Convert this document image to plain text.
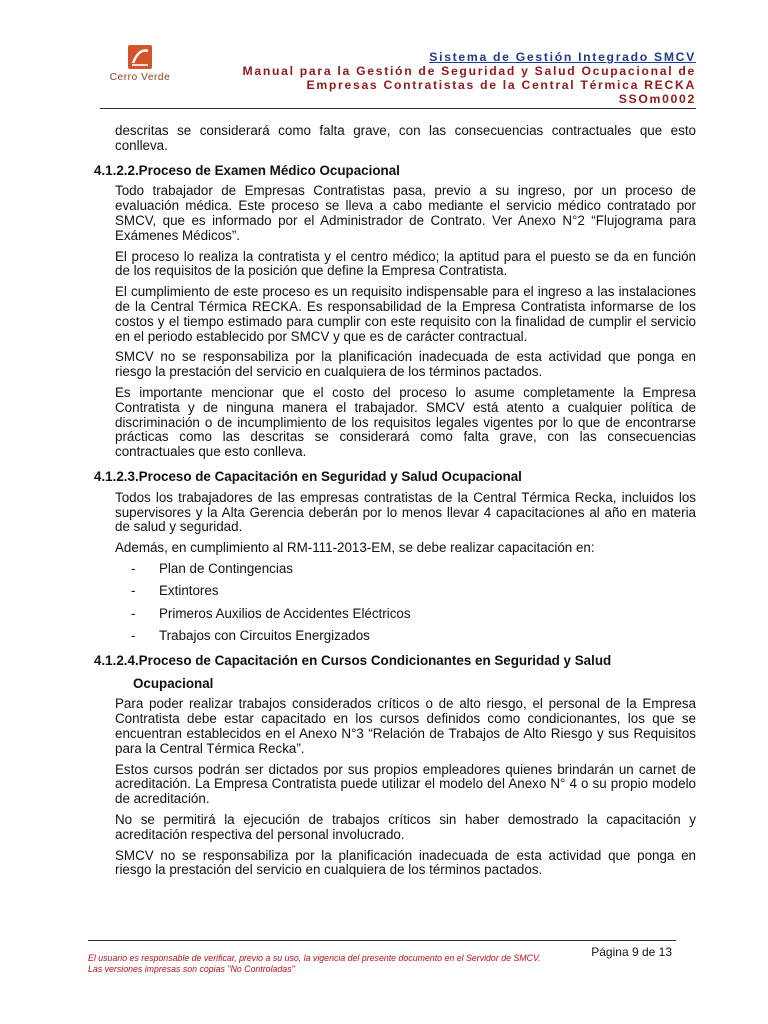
Cerro Verde
Sistema de Gestión Integrado SMCV
Manual para la Gestión de Seguridad y Salud Ocupacional de
Empresas Contratistas de la Central Térmica RECKA
SSOm0002

descritas se considerará como falta grave, con las consecuencias contractuales que esto conlleva.

4.1.2.2.Proceso de Examen Médico Ocupacional

Todo trabajador de Empresas Contratistas pasa, previo a su ingreso, por un proceso de evaluación médica. Este proceso se lleva a cabo mediante el servicio médico contratado por SMCV, que es informado por el Administrador de Contrato. Ver Anexo N°2 “Flujograma para Exámenes Médicos”.

El proceso lo realiza la contratista y el centro médico; la aptitud para el puesto se da en función de los requisitos de la posición que define la Empresa Contratista.

El cumplimiento de este proceso es un requisito indispensable para el ingreso a las instalaciones de la Central Térmica RECKA. Es responsabilidad de la Empresa Contratista informarse de los costos y el tiempo estimado para cumplir con este requisito con la finalidad de cumplir el servicio en el periodo establecido por SMCV y que es de carácter contractual.

SMCV no se responsabiliza por la planificación inadecuada de esta actividad que ponga en riesgo la prestación del servicio en cualquiera de los términos pactados.

Es importante mencionar que el costo del proceso lo asume completamente la Empresa Contratista y de ninguna manera el trabajador. SMCV está atento a cualquier política de discriminación o de incumplimiento de los requisitos legales vigentes por lo que de encontrarse prácticas como las descritas se considerará como falta grave, con las consecuencias contractuales que esto conlleva.

4.1.2.3.Proceso de Capacitación en Seguridad y Salud Ocupacional

Todos los trabajadores de las empresas contratistas de la Central Térmica Recka, incluidos los supervisores y la Alta Gerencia deberán por lo menos llevar 4 capacitaciones al año en materia de salud y seguridad.

Además, en cumplimiento al RM-111-2013-EM, se debe realizar capacitación en:

- Plan de Contingencias
- Extintores
- Primeros Auxilios de Accidentes Eléctricos
- Trabajos con Circuitos Energizados
4.1.2.4.Proceso de Capacitación en Cursos Condicionantes en Seguridad y Salud
Ocupacional

Para poder realizar trabajos considerados críticos o de alto riesgo, el personal de la Empresa Contratista debe estar capacitado en los cursos definidos como condicionantes, los que se encuentran establecidos en el Anexo N°3 “Relación de Trabajos de Alto Riesgo y sus Requisitos para la Central Térmica Recka”.

Estos cursos podrán ser dictados por sus propios empleadores quienes brindarán un carnet de acreditación. La Empresa Contratista puede utilizar el modelo del Anexo N° 4 o su propio modelo de acreditación.

No se permitirá la ejecución de trabajos críticos sin haber demostrado la capacitación y acreditación respectiva del personal involucrado.

SMCV no se responsabiliza por la planificación inadecuada de esta actividad que ponga en riesgo la prestación del servicio en cualquiera de los términos pactados.

El usuario es responsable de verificar, previo a su uso, la vigencia del presente documento en el Servidor de SMCV.
Las versiones impresas son copias "No Controladas"
Página 9 de 13
